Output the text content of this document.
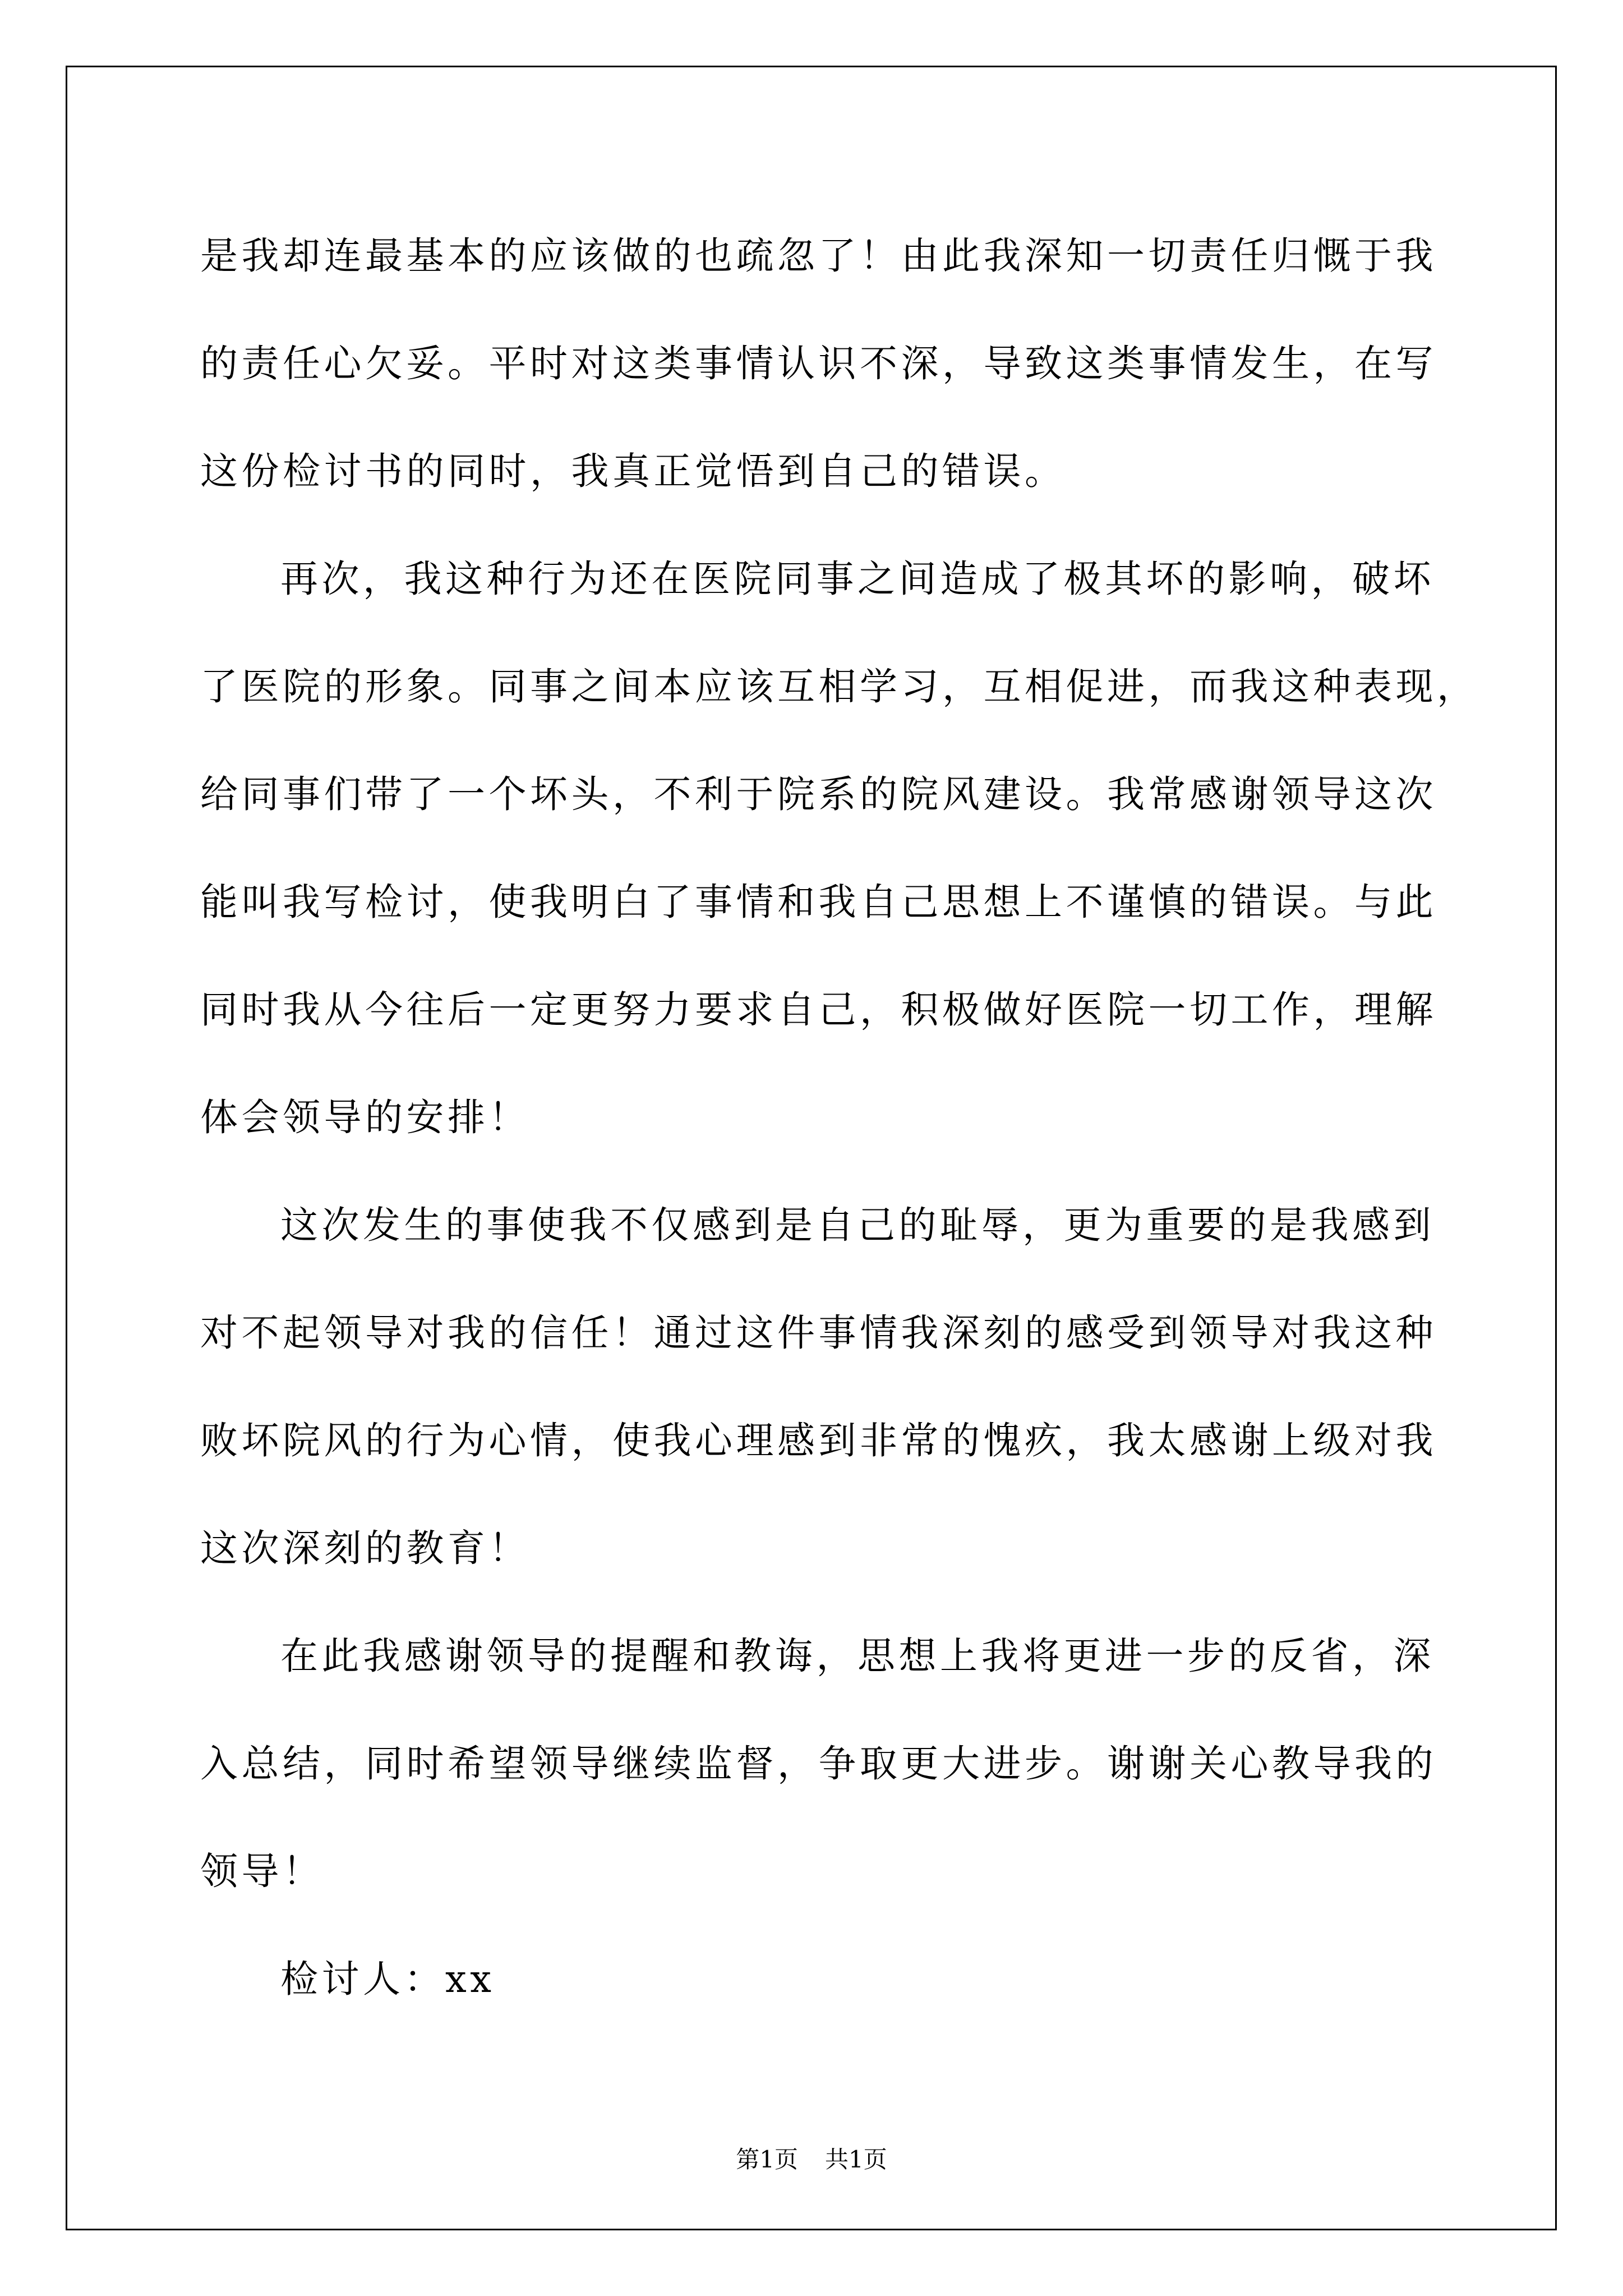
是我却连最基本的应该做的也疏忽了！由此我深知一切责任归慨于我
的责任心欠妥。平时对这类事情认识不深，导致这类事情发生，在写
这份检讨书的同时，我真正觉悟到自己的错误。
再次，我这种行为还在医院同事之间造成了极其坏的影响，破坏
了医院的形象。同事之间本应该互相学习，互相促进，而我这种表现，
给同事们带了一个坏头，不利于院系的院风建设。我常感谢领导这次
能叫我写检讨，使我明白了事情和我自己思想上不谨慎的错误。与此
同时我从今往后一定更努力要求自己，积极做好医院一切工作，理解
体会领导的安排！
这次发生的事使我不仅感到是自己的耻辱，更为重要的是我感到
对不起领导对我的信任！通过这件事情我深刻的感受到领导对我这种
败坏院风的行为心情，使我心理感到非常的愧疚，我太感谢上级对我
这次深刻的教育！
在此我感谢领导的提醒和教诲，思想上我将更进一步的反省，深
入总结，同时希望领导继续监督，争取更大进步。谢谢关心教导我的
领导！
检讨人：xx
第1页 共1页
